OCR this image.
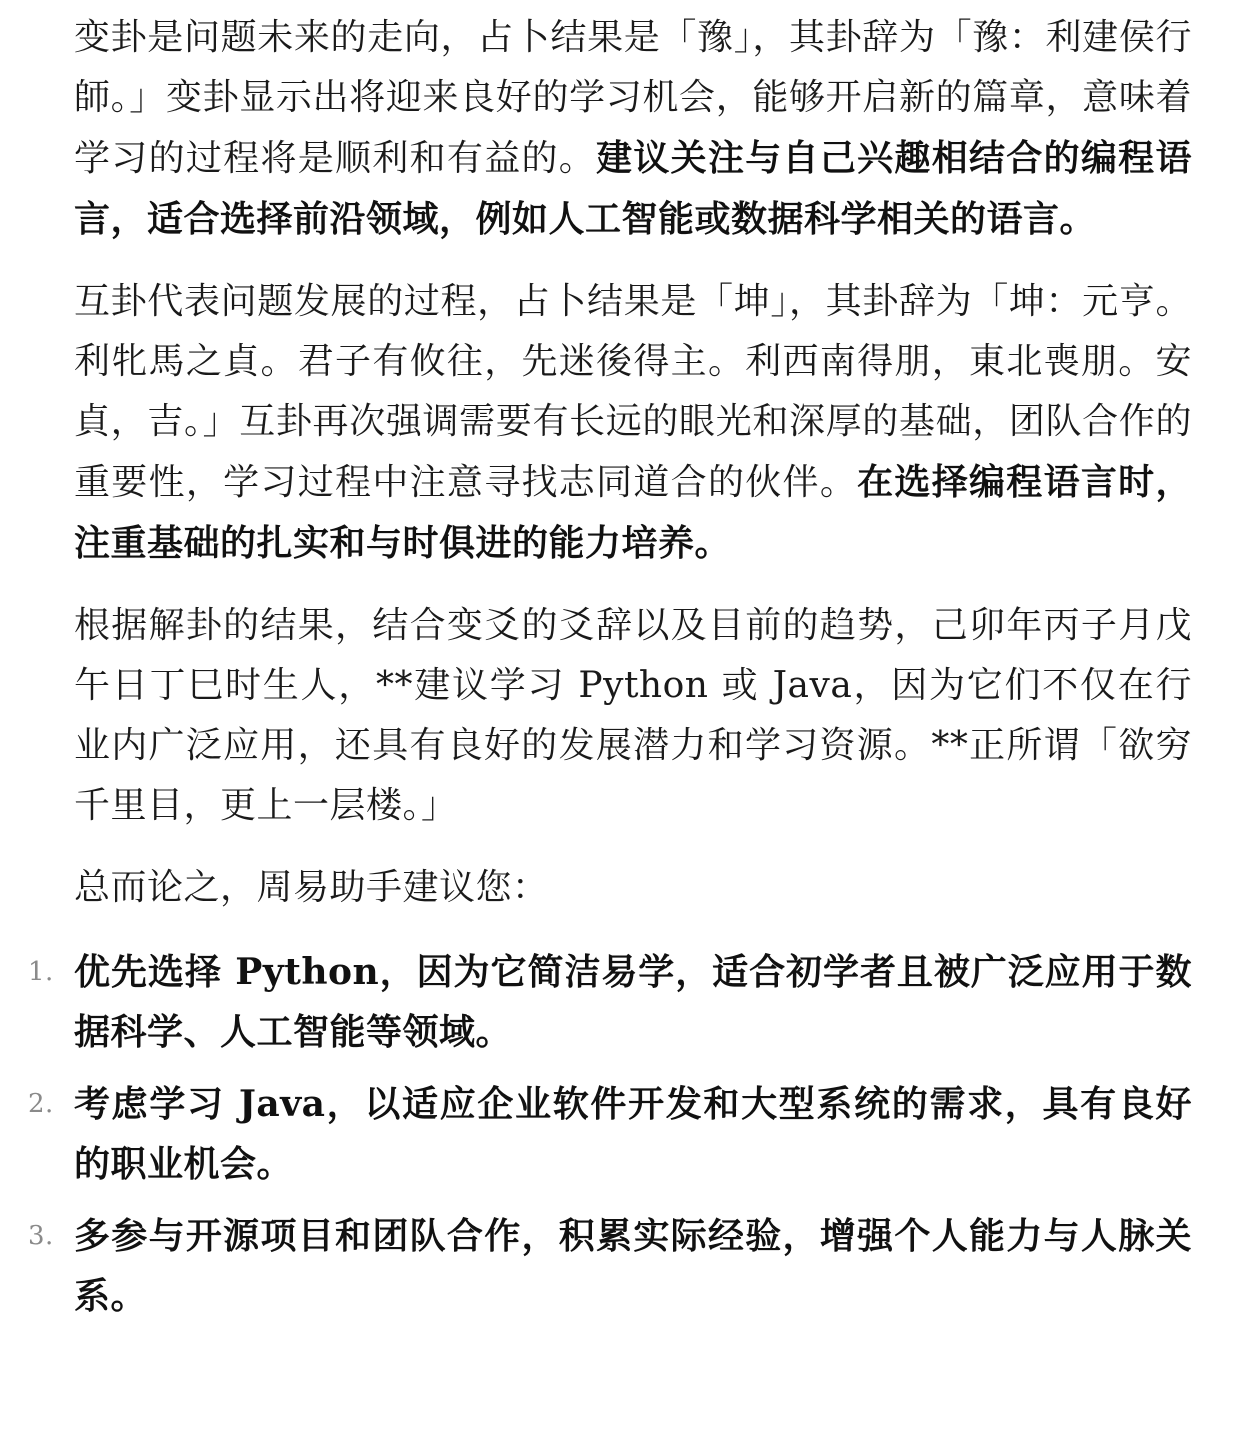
变卦是问题未来的走向，占卜结果是「豫」，其卦辞为「豫：利建侯行師。」变卦显示出将迎来良好的学习机会，能够开启新的篇章，意味着学习的过程将是顺利和有益的。建议关注与自己兴趣相结合的编程语言，适合选择前沿领域，例如人工智能或数据科学相关的语言。

互卦代表问题发展的过程，占卜结果是「坤」，其卦辞为「坤：元亨。利牝馬之貞。君子有攸往，先迷後得主。利西南得朋，東北喪朋。安貞，吉。」互卦再次强调需要有长远的眼光和深厚的基础，团队合作的重要性，学习过程中注意寻找志同道合的伙伴。在选择编程语言时，注重基础的扎实和与时俱进的能力培养。

根据解卦的结果，结合变爻的爻辞以及目前的趋势，己卯年丙子月戊午日丁巳时生人，**建议学习 Python 或 Java，因为它们不仅在行业内广泛应用，还具有良好的发展潜力和学习资源。**正所谓「欲穷千里目，更上一层楼。」

总而论之，周易助手建议您：

1. 优先选择 Python，因为它简洁易学，适合初学者且被广泛应用于数据科学、人工智能等领域。
2. 考虑学习 Java，以适应企业软件开发和大型系统的需求，具有良好的职业机会。
3. 多参与开源项目和团队合作，积累实际经验，增强个人能力与人脉关系。
